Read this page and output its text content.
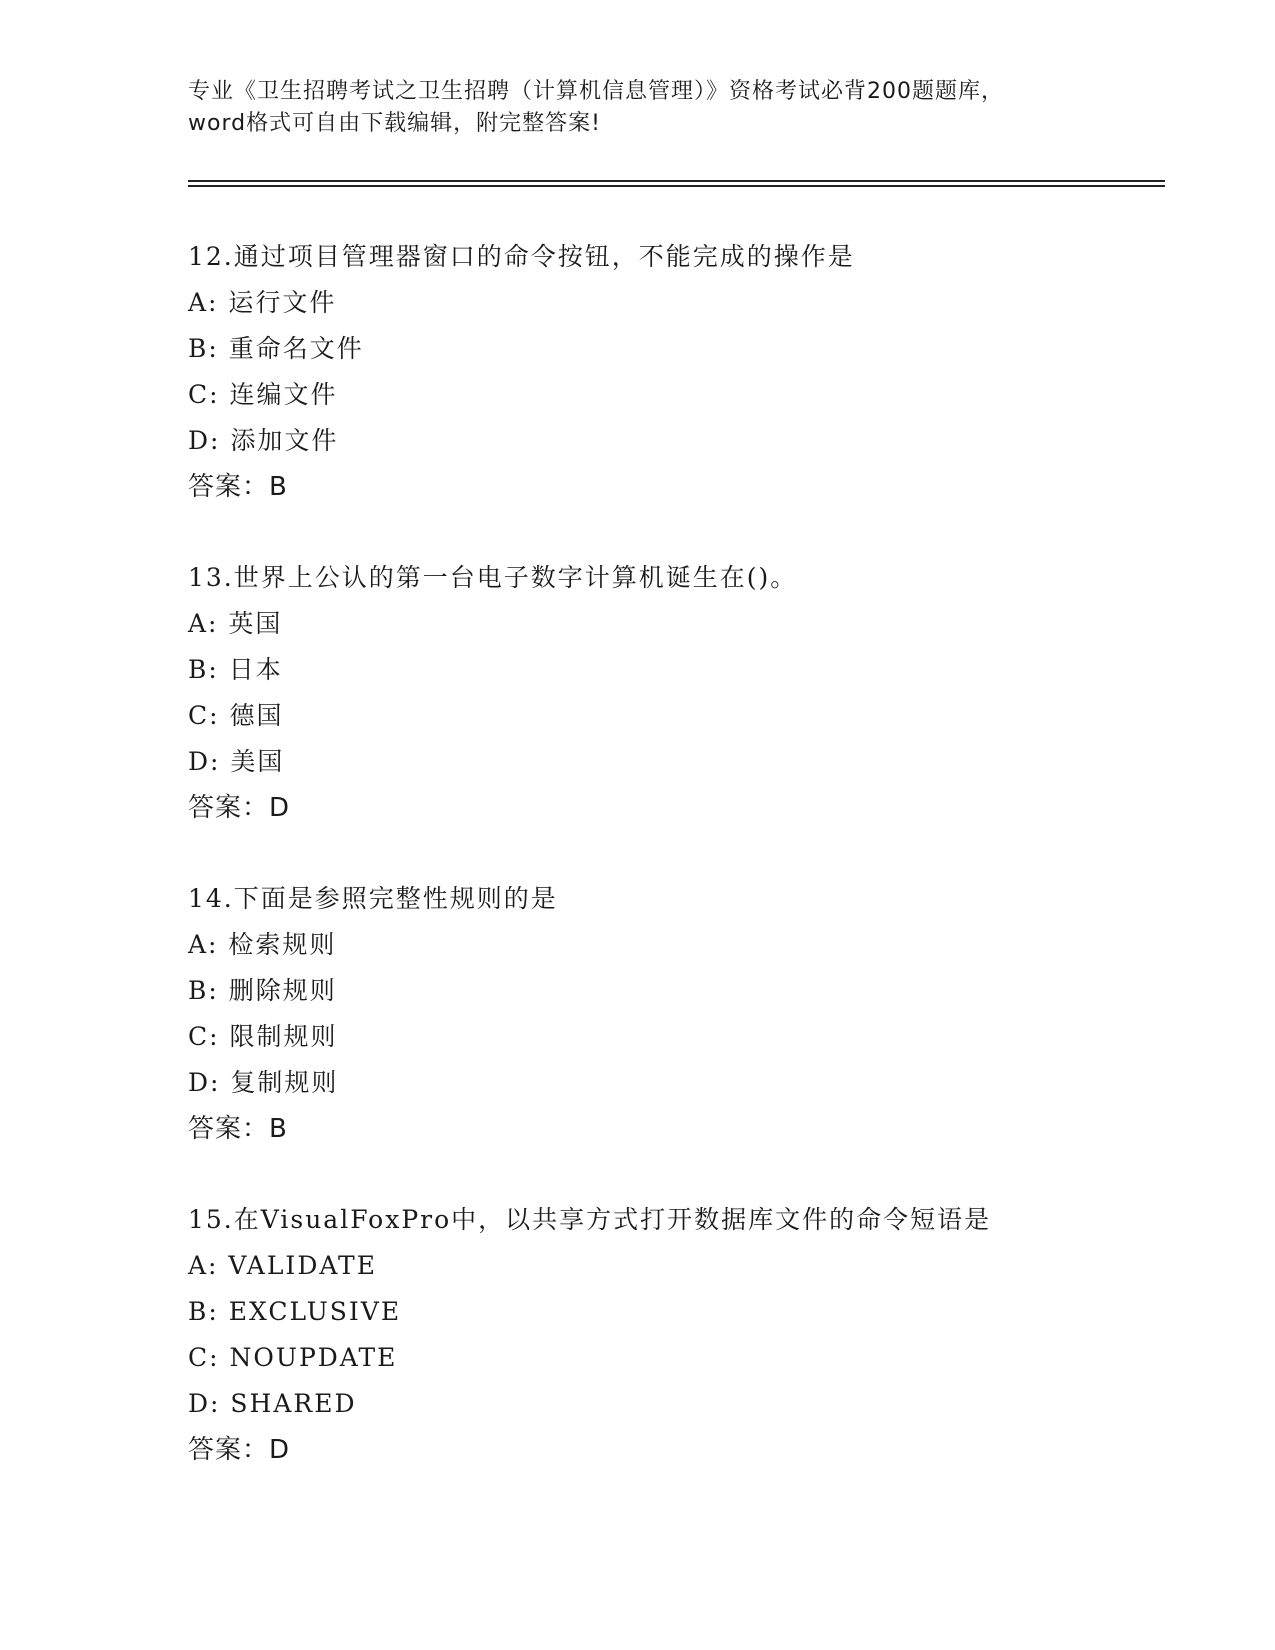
专业《卫生招聘考试之卫生招聘（计算机信息管理）》资格考试必背200题题库，
word格式可自由下载编辑，附完整答案!
12.通过项目管理器窗口的命令按钮，不能完成的操作是
A: 运行文件
B: 重命名文件
C: 连编文件
D: 添加文件
答案：B
13.世界上公认的第一台电子数字计算机诞生在()。
A: 英国
B: 日本
C: 德国
D: 美国
答案：D
14.下面是参照完整性规则的是
A: 检索规则
B: 删除规则
C: 限制规则
D: 复制规则
答案：B
15.在VisualFoxPro中，以共享方式打开数据库文件的命令短语是
A: VALIDATE
B: EXCLUSIVE
C: NOUPDATE
D: SHARED
答案：D
